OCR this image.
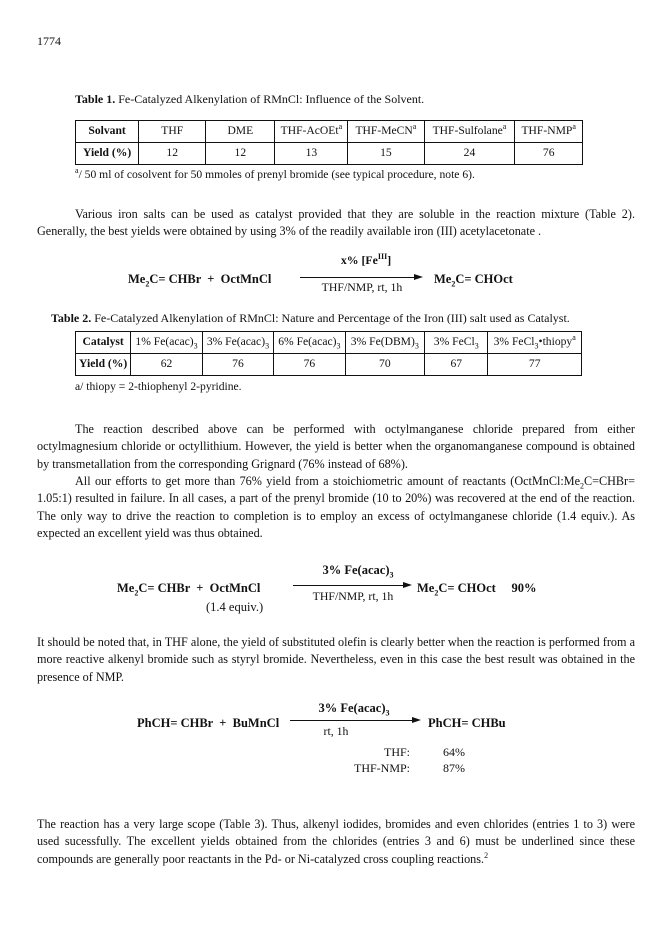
1774
Table 1. Fe-Catalyzed Alkenylation of RMnCl: Influence of the Solvent.
Solvant	THF	DME	THF-AcOEt$^a$	THF-MeCN$^a$	THF-Sulfolane$^a$	THF-NMP$^a$
Yield (%)	12	12	13	15	24	76
$^a$/ 50 ml of cosolvent for 50 mmoles of prenyl bromide (see typical procedure, note 6).

Various iron salts can be used as catalyst provided that they are soluble in the reaction mixture (Table 2). Generally, the best yields were obtained by using 3% of the readily available iron (III) acetylacetonate .

$Me_2C=$ CHBr + OctMnCl
x% $[Fe^{III}]$
THF/NMP, rt, 1h
$Me_2C=$ CHOct
Table 2. Fe-Catalyzed Alkenylation of RMnCl: Nature and Percentage of the Iron (III) salt used as Catalyst.
Catalyst	1% $Fe(acac)_3$	3% $Fe(acac)_3$	6% $Fe(acac)_3$	3% $Fe(DBM)_3$	3% FeCl$_3$	3% FeCl$_3$•thiopy$^a$
Yield (%)	62	76	76	70	67	77
a/ thiopy = 2-thiophenyl 2-pyridine.

The reaction described above can be performed with octylmanganese chloride prepared from either octylmagnesium chloride or octyllithium. However, the yield is better when the organomanganese compound is obtained by transmetallation from the corresponding Grignard (76% instead of 68%).

All our efforts to get more than 76% yield from a stoichiometric amount of reactants ($OctMnCl:Me_2C=CHBr=$ 1.05:1) resulted in failure. In all cases, a part of the prenyl bromide (10 to 20%) was recovered at the end of the reaction. The only way to drive the reaction to completion is to employ an excess of octylmanganese chloride (1.4 equiv.). As expected an excellent yield was thus obtained.

3% $Fe(acac)_3$
$Me_2C=$ CHBr + OctMnCl
(1.4 equiv.)
THF/NMP, rt, 1h
$Me_2C=$ CHOct 90%

It should be noted that, in THF alone, the yield of substituted olefin is clearly better when the reaction is performed from a more reactive alkenyl bromide such as styryl bromide. Nevertheless, even in this case the best result was obtained in the presence of NMP.

3% $Fe(acac)_3$
PhCH= CHBr + BuMnCl
rt, 1h
PhCH= CHBu
THF:	64%
THF-NMP:	87%

The reaction has a very large scope (Table 3). Thus, alkenyl iodides, bromides and even chlorides (entries 1 to 3) were used sucessfully. The excellent yields obtained from the chlorides (entries 3 and 6) must be underlined since these compounds are generally poor reactants in the Pd- or Ni-catalyzed cross coupling reactions.$^2$
